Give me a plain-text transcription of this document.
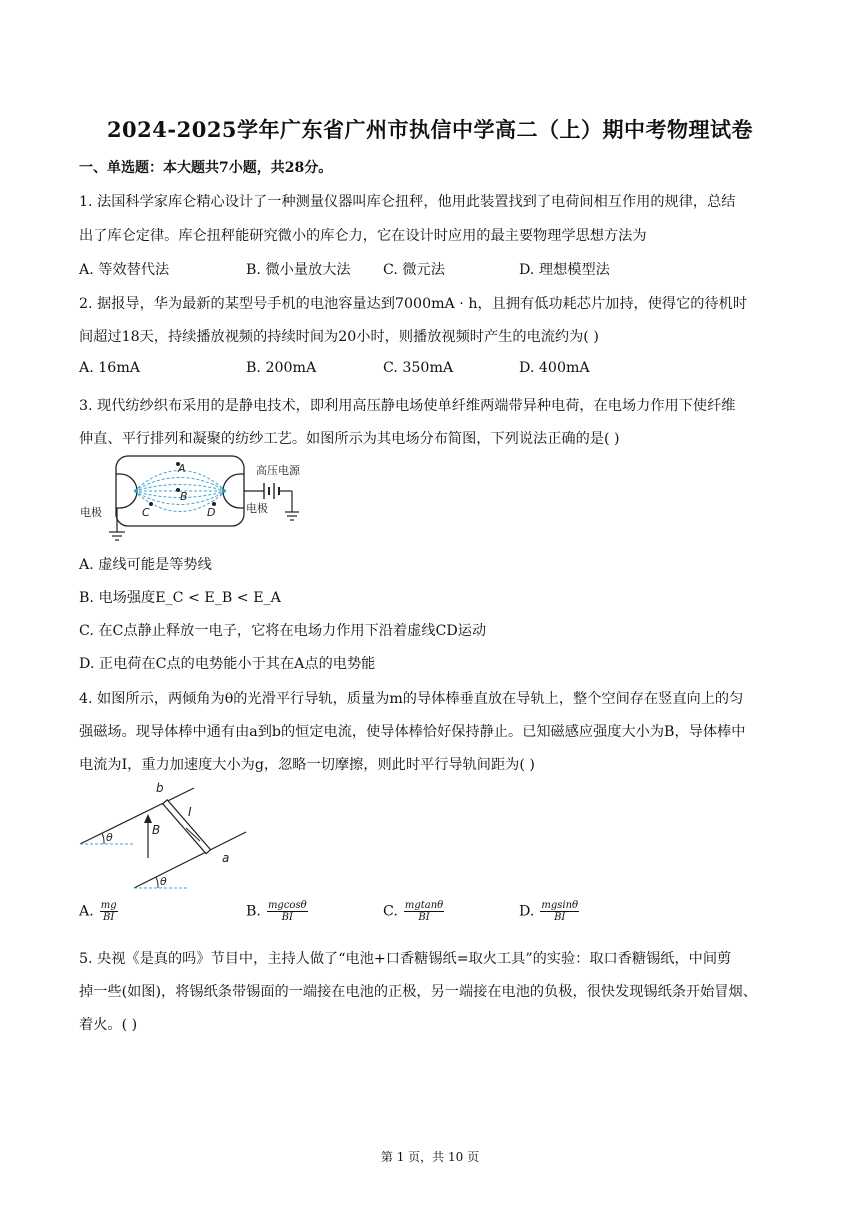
2024-2025学年广东省广州市执信中学高二（上）期中考物理试卷
一、单选题：本大题共7小题，共28分。
1. 法国科学家库仑精心设计了一种测量仪器叫库仑扭秤，他用此装置找到了电荷间相互作用的规律，总结
出了库仑定律。库仑扭秤能研究微小的库仑力，它在设计时应用的最主要物理学思想方法为
A. 等效替代法	B. 微小量放大法 C. 微元法	D. 理想模型法
2. 据报导，华为最新的某型号手机的电池容量达到7000mA · h，且拥有低功耗芯片加持，使得它的待机时
间超过18天，持续播放视频的持续时间为20小时，则播放视频时产生的电流约为( )
A. 16mA	B. 200mA	C. 350mA	D. 400mA
3. 现代纺纱织布采用的是静电技术，即利用高压静电场使单纤维两端带异种电荷，在电场力作用下使纤维
伸直、平行排列和凝聚的纺纱工艺。如图所示为其电场分布简图，下列说法正确的是( )
A
B
C	D
高压电源
电极	电极
A. 虚线可能是等势线
B. 电场强度E_C < E_B < E_A
C. 在C点静止释放一电子，它将在电场力作用下沿着虚线CD运动
D. 正电荷在C点的电势能小于其在A点的电势能
4. 如图所示，两倾角为θ的光滑平行导轨，质量为m的导体棒垂直放在导轨上，整个空间存在竖直向上的匀
强磁场。现导体棒中通有由a到b的恒定电流，使导体棒恰好保持静止。已知磁感应强度大小为B，导体棒中
电流为I，重力加速度大小为g，忽略一切摩擦，则此时平行导轨间距为( )
θ
θ
B
I
b
a
A. $\frac{mg}{BI}$	B. $\frac{mgcos\theta}{BI}$	C. $\frac{mgtan\theta}{BI}$	D. $\frac{mgsin\theta}{BI}$
5. 央视《是真的吗》节目中，主持人做了“电池+口香糖锡纸=取火工具”的实验：取口香糖锡纸，中间剪
掉一些(如图)，将锡纸条带锡面的一端接在电池的正极，另一端接在电池的负极，很快发现锡纸条开始冒烟、
着火。( )
第 1 页，共 10 页
